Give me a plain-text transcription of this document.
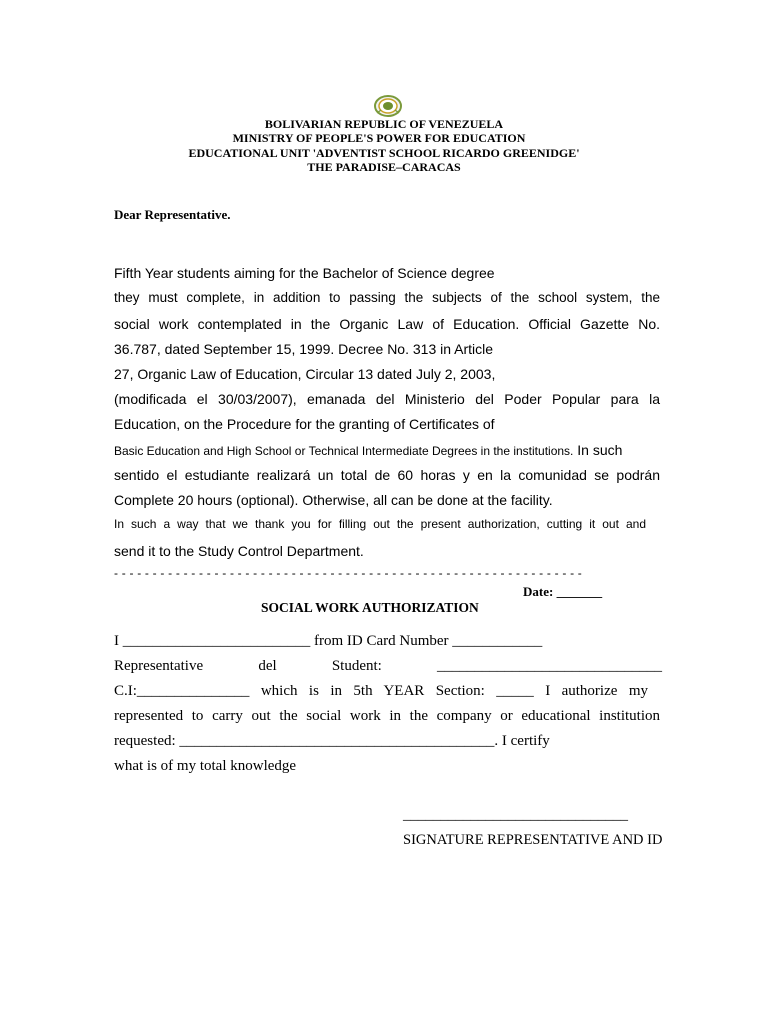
BOLIVARIAN REPUBLIC OF VENEZUELA
MINISTRY OF PEOPLE'S POWER FOR EDUCATION
EDUCATIONAL UNIT 'ADVENTIST SCHOOL RICARDO GREENIDGE'
THE PARADISE–CARACAS
Dear Representative.
Fifth Year students aiming for the Bachelor of Science degree
they must complete, in addition to passing the subjects of the school system, the
social work contemplated in the Organic Law of Education. Official Gazette No.
36.787, dated September 15, 1999. Decree No. 313 in Article
27, Organic Law of Education, Circular 13 dated July 2, 2003,
(modificada el 30/03/2007), emanada del Ministerio del Poder Popular para la
Education, on the Procedure for the granting of Certificates of
Basic Education and High School or Technical Intermediate Degrees in the institutions. In such
sentido el estudiante realizará un total de 60 horas y en la comunidad se podrán
Complete 20 hours (optional). Otherwise, all can be done at the facility.
In such a way that we thank you for filling out the present authorization, cutting it out and
send it to the Study Control Department.
- - - - - - - - - - - - - - - - - - - - - - - - - - - - - - - - - - - - - - - - - - - - - - - - - - - - - - - - - - - - -
Date: _______
SOCIAL WORK AUTHORIZATION
I _________________________ from ID Card Number ____________
Representative	del	Student:	______________________________
C.I:_______________ which is in 5th YEAR Section: _____ I authorize my
represented to carry out the social work in the company or educational institution
requested: __________________________________________. I certify
what is of my total knowledge
______________________________
SIGNATURE REPRESENTATIVE AND ID
